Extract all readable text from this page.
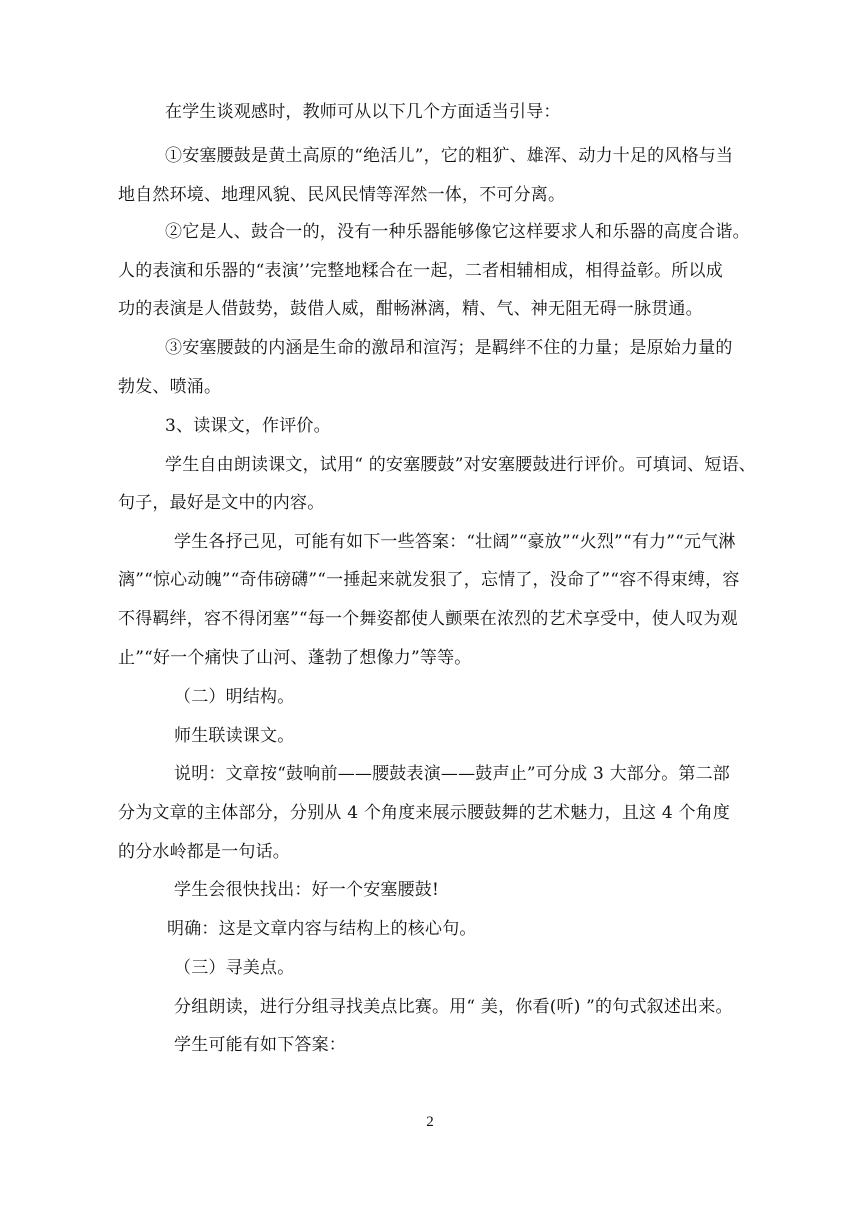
在学生谈观感时，教师可从以下几个方面适当引导：
①安塞腰鼓是黄土高原的“绝活儿”，它的粗犷、雄浑、动力十足的风格与当
地自然环境、地理风貌、民风民情等浑然一体，不可分离。
②它是人、鼓合一的，没有一种乐器能够像它这样要求人和乐器的高度合谐。
人的表演和乐器的“表演’’完整地糅合在一起，二者相辅相成，相得益彰。所以成
功的表演是人借鼓势，鼓借人威，酣畅淋漓，精、气、神无阻无碍一脉贯通。
③安塞腰鼓的内涵是生命的激昂和渲泻；是羁绊不住的力量；是原始力量的
勃发、喷涌。
3、读课文，作评价。
学生自由朗读课文，试用“ 的安塞腰鼓”对安塞腰鼓进行评价。可填词、短语、
句子，最好是文中的内容。
学生各抒己见，可能有如下一些答案：“壮阔”“豪放”“火烈”“有力”“元气淋
漓”“惊心动魄”“奇伟磅礴”“一捶起来就发狠了，忘情了，没命了”“容不得束缚，容
不得羁绊，容不得闭塞”“每一个舞姿都使人颤栗在浓烈的艺术享受中，使人叹为观
止”“好一个痛快了山河、蓬勃了想像力”等等。
（二）明结构。
师生联读课文。
说明：文章按“鼓响前——腰鼓表演——鼓声止”可分成 3 大部分。第二部
分为文章的主体部分，分别从 4 个角度来展示腰鼓舞的艺术魅力，且这 4 个角度
的分水岭都是一句话。
学生会很快找出：好一个安塞腰鼓!
明确：这是文章内容与结构上的核心句。
（三）寻美点。
分组朗读，进行分组寻找美点比赛。用“ 美，你看(听) ”的句式叙述出来。
学生可能有如下答案：
2
